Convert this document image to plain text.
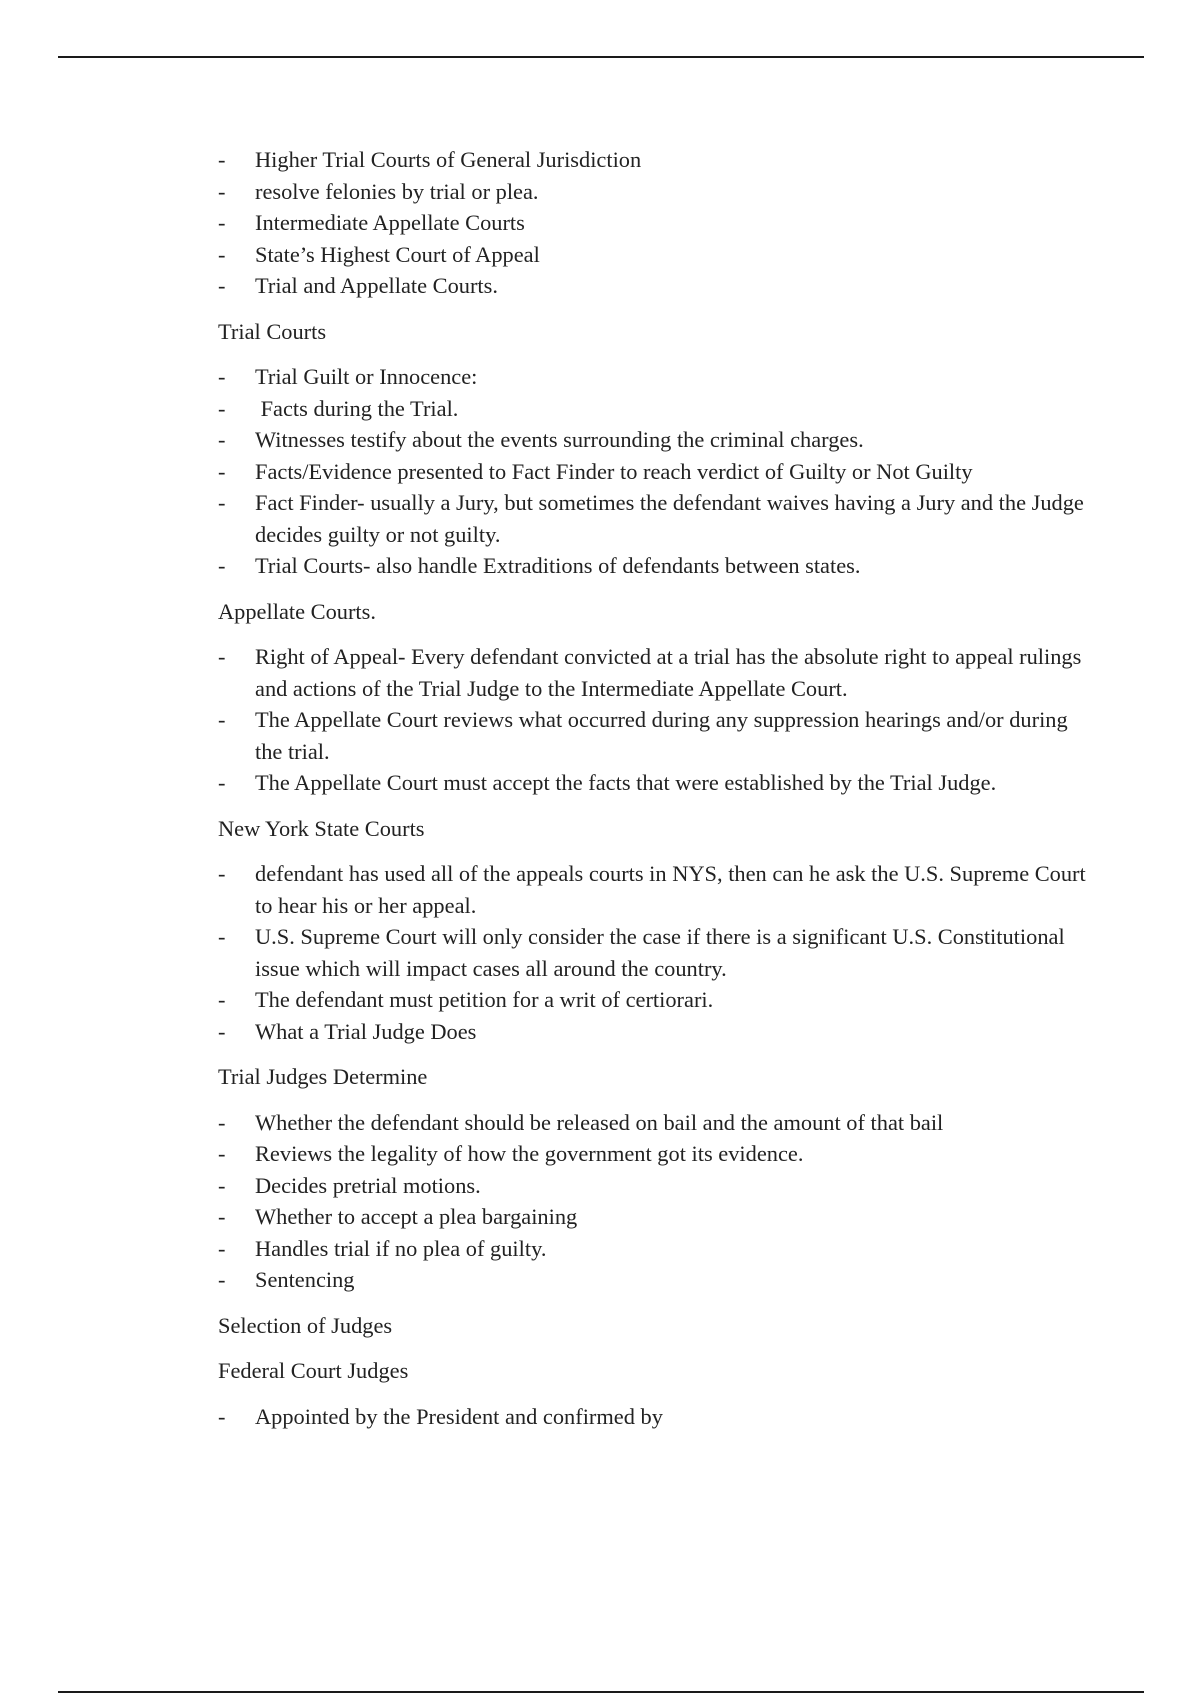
- Higher Trial Courts of General Jurisdiction
- resolve felonies by trial or plea.
- Intermediate Appellate Courts
- State’s Highest Court of Appeal
- Trial and Appellate Courts.
Trial Courts
- Trial Guilt or Innocence:
- Facts during the Trial.
- Witnesses testify about the events surrounding the criminal charges.
- Facts/Evidence presented to Fact Finder to reach verdict of Guilty or Not Guilty
- Fact Finder- usually a Jury, but sometimes the defendant waives having a Jury and the Judge decides guilty or not guilty.
- Trial Courts- also handle Extraditions of defendants between states.
Appellate Courts.
- Right of Appeal- Every defendant convicted at a trial has the absolute right to appeal rulings and actions of the Trial Judge to the Intermediate Appellate Court.
- The Appellate Court reviews what occurred during any suppression hearings and/or during the trial.
- The Appellate Court must accept the facts that were established by the Trial Judge.
New York State Courts
- defendant has used all of the appeals courts in NYS, then can he ask the U.S. Supreme Court to hear his or her appeal.
- U.S. Supreme Court will only consider the case if there is a significant U.S. Constitutional issue which will impact cases all around the country.
- The defendant must petition for a writ of certiorari.
- What a Trial Judge Does
Trial Judges Determine
- Whether the defendant should be released on bail and the amount of that bail
- Reviews the legality of how the government got its evidence.
- Decides pretrial motions.
- Whether to accept a plea bargaining
- Handles trial if no plea of guilty.
- Sentencing
Selection of Judges
Federal Court Judges
- Appointed by the President and confirmed by
